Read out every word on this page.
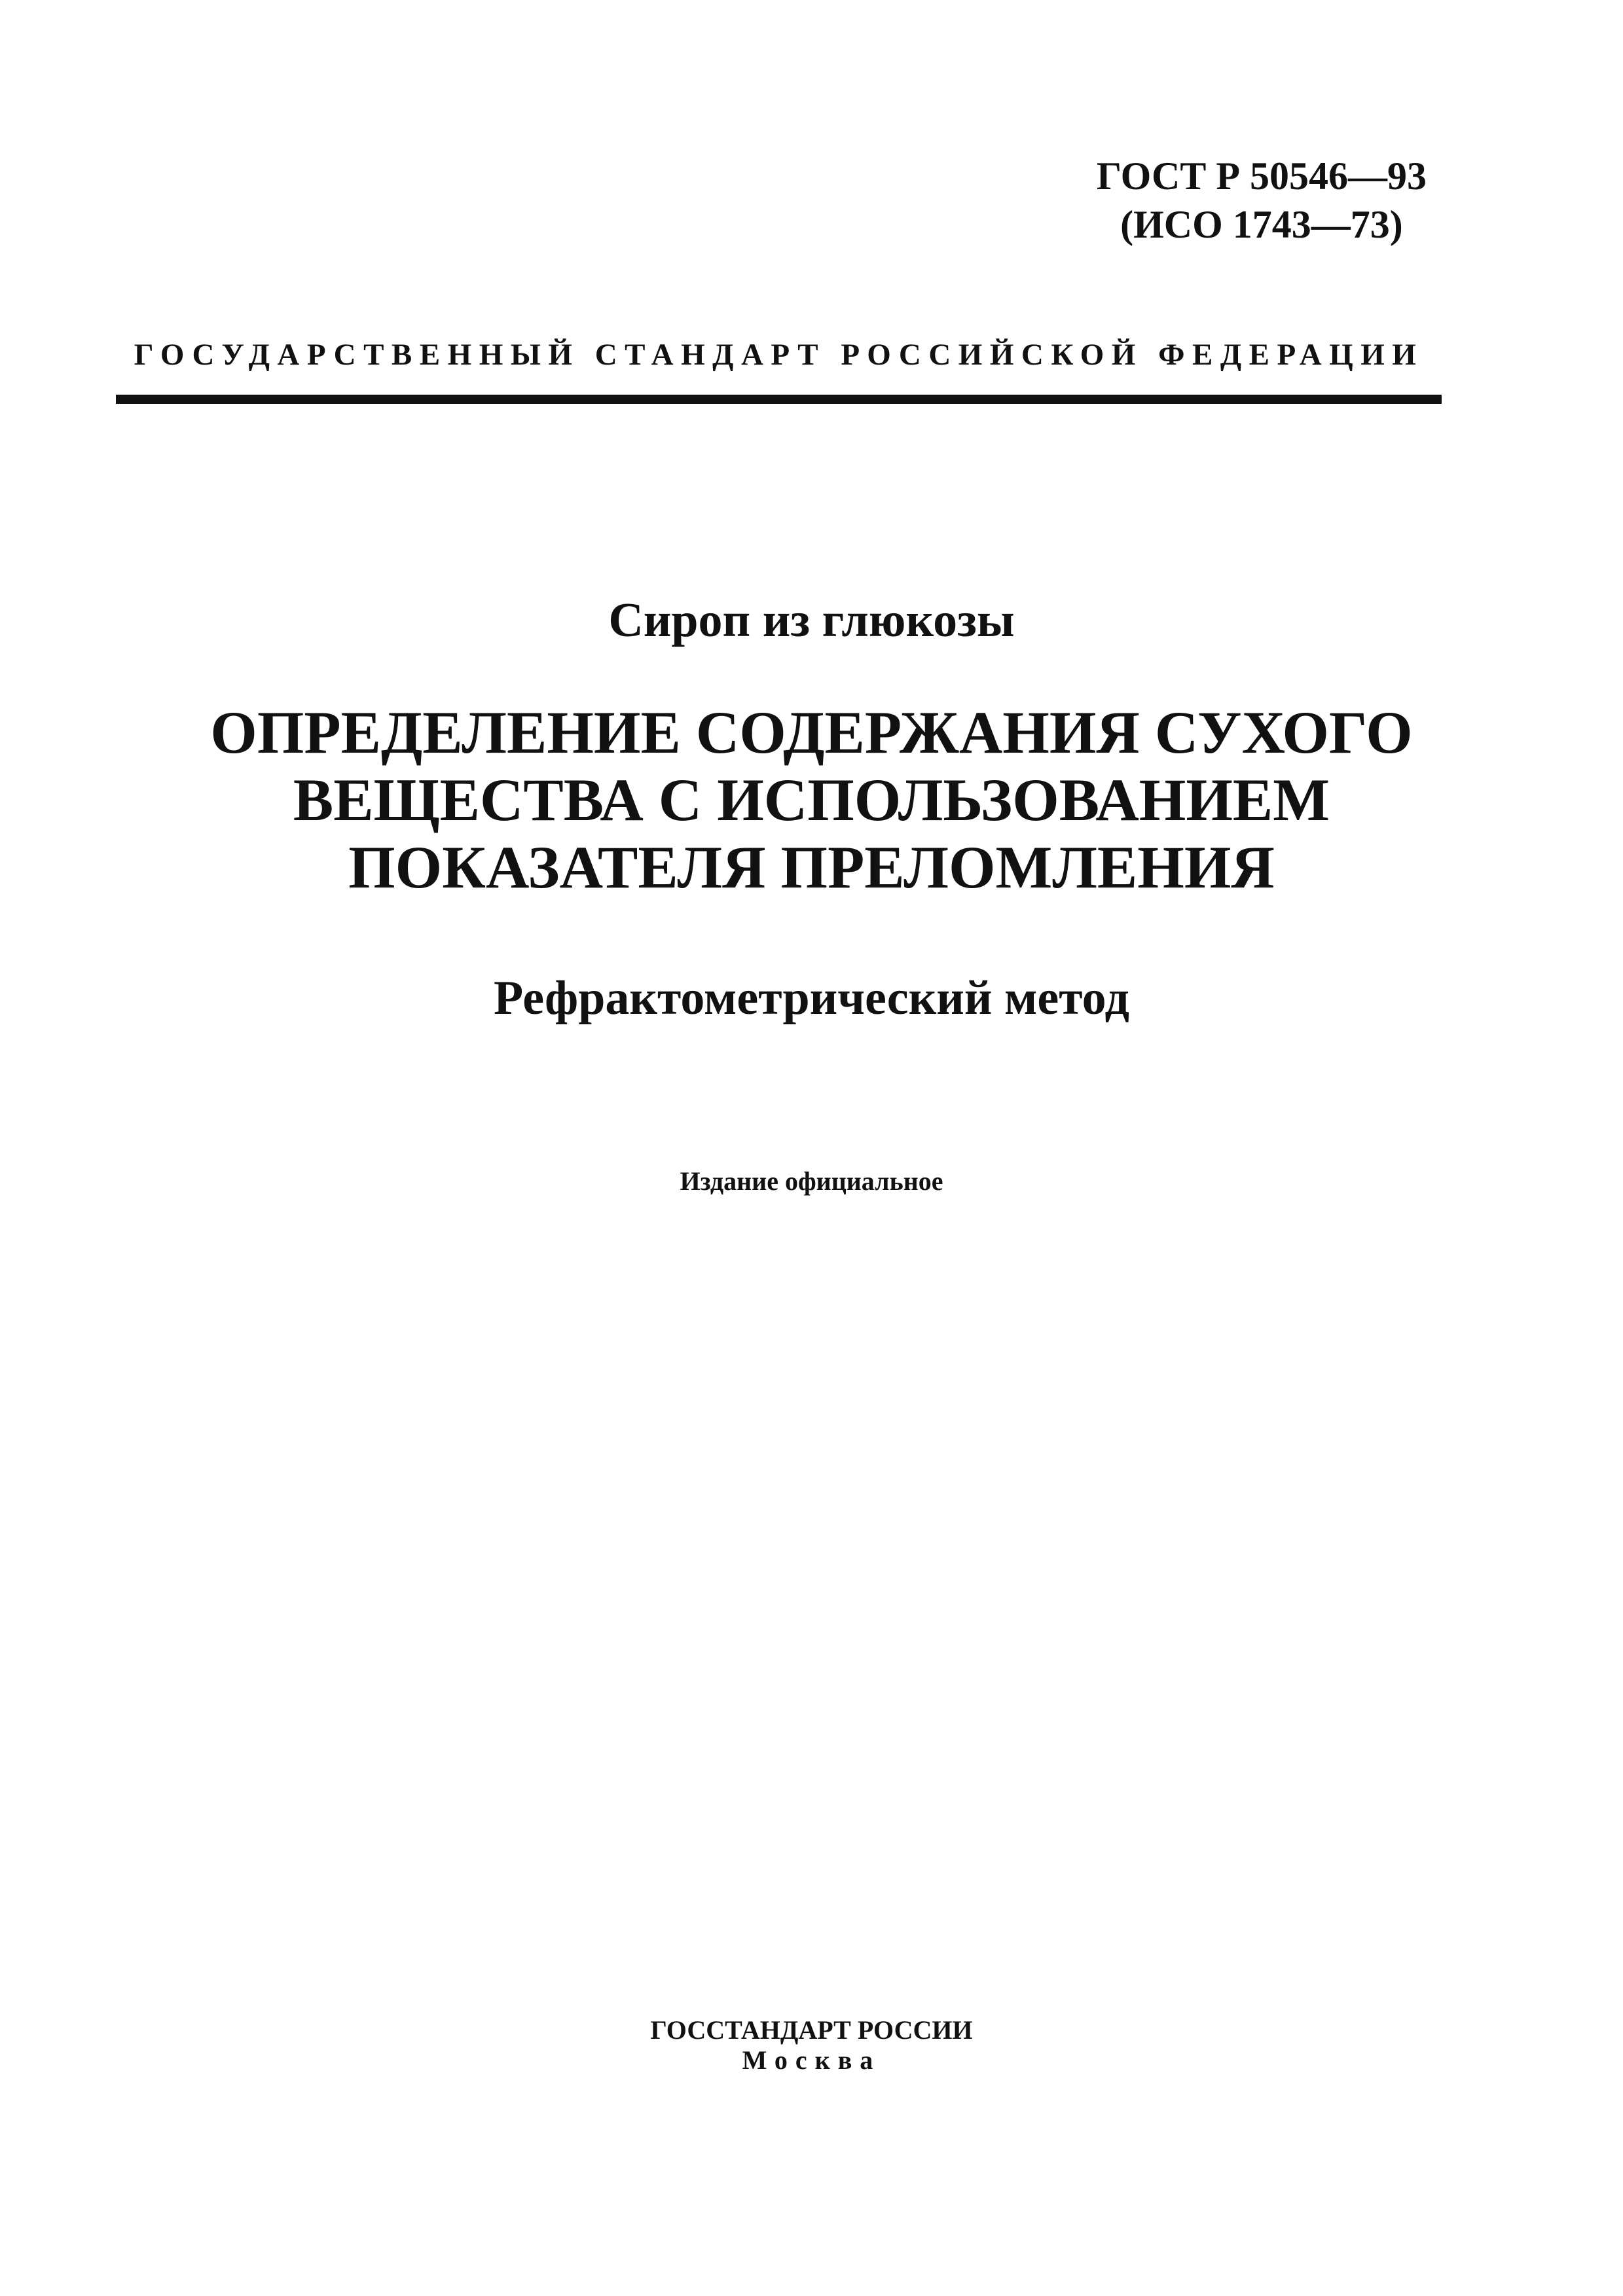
ГОСТ Р 50546—93
(ИСО 1743—73)
ГОСУДАРСТВЕННЫЙ СТАНДАРТ РОССИЙСКОЙ ФЕДЕРАЦИИ
Сироп из глюкозы
ОПРЕДЕЛЕНИЕ СОДЕРЖАНИЯ СУХОГО
ВЕЩЕСТВА С ИСПОЛЬЗОВАНИЕМ
ПОКАЗАТЕЛЯ ПРЕЛОМЛЕНИЯ
Рефрактометрический метод
Издание официальное
ГОССТАНДАРТ РОССИИ
Москва
